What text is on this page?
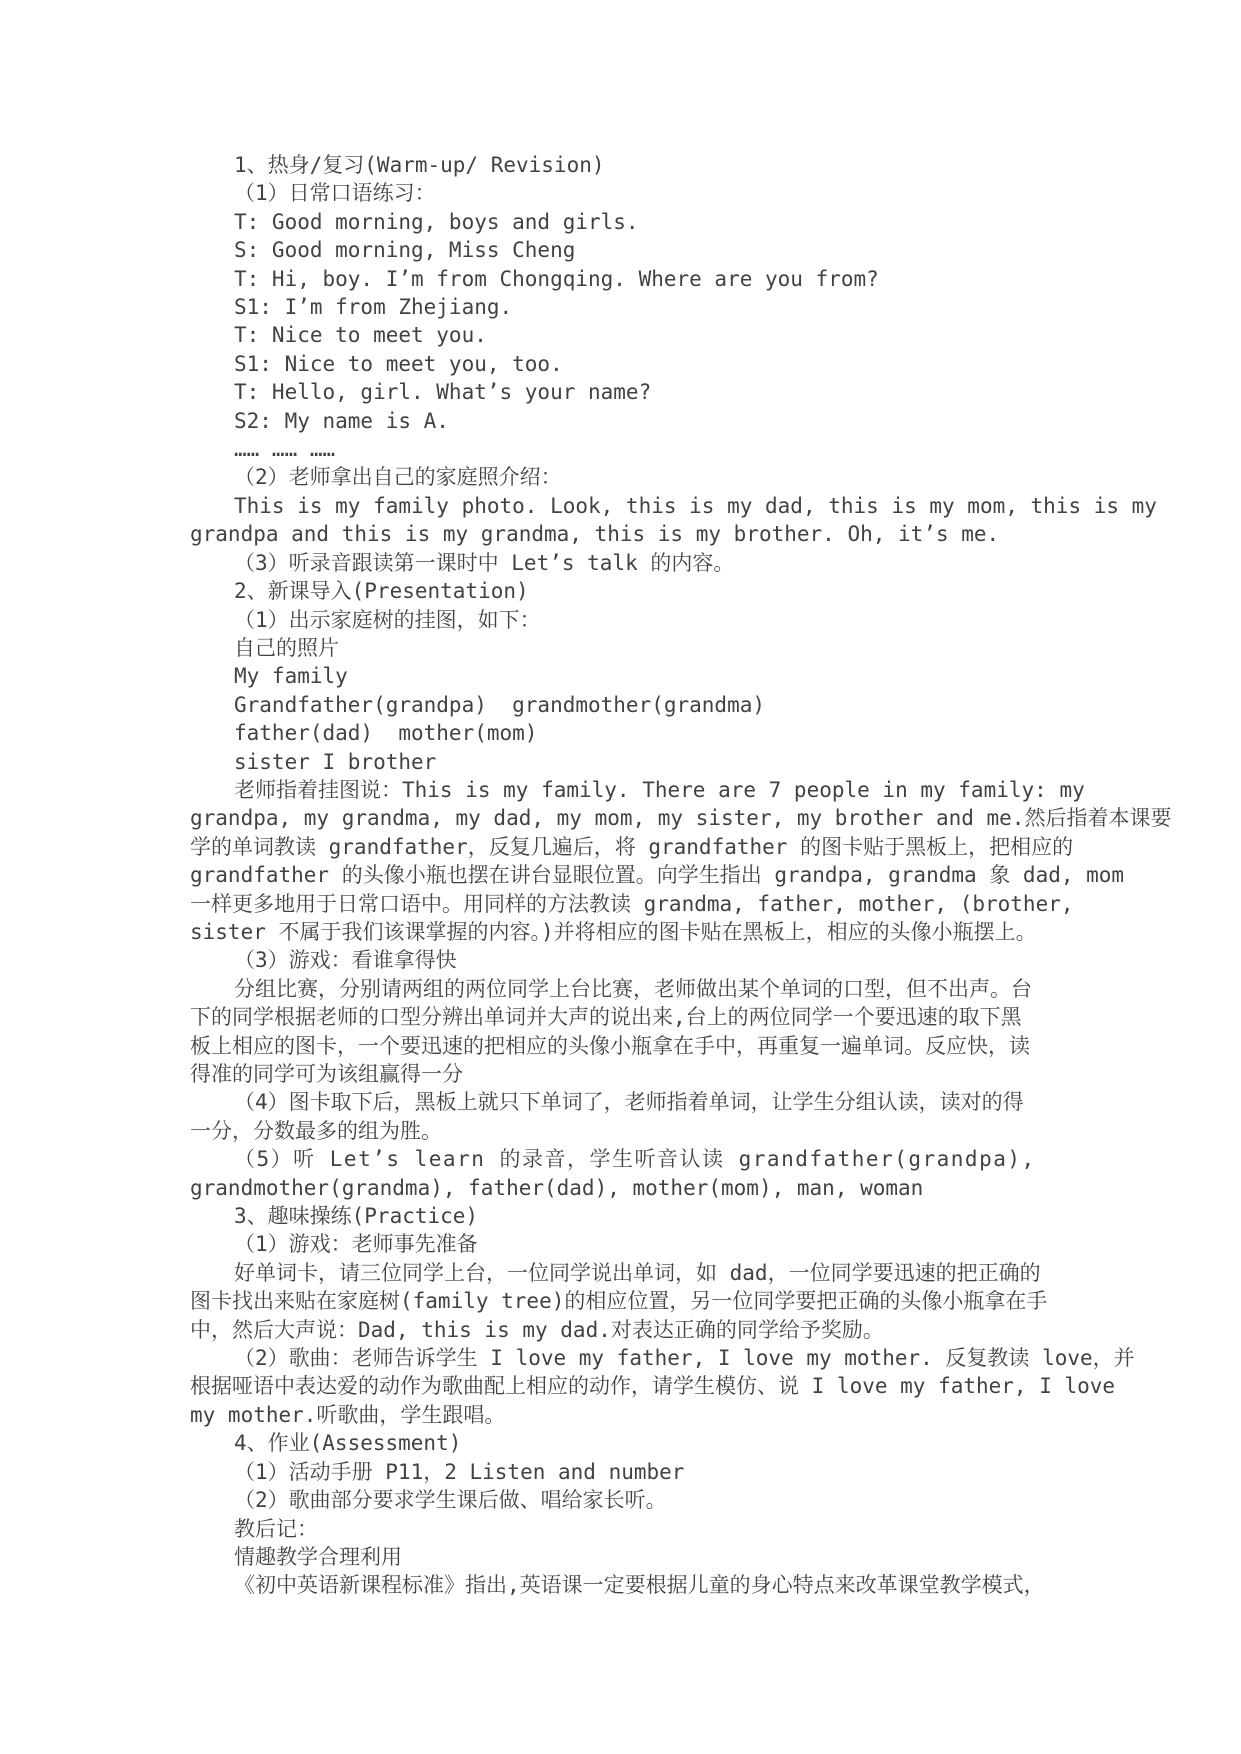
1、热身/复习(Warm-up/ Revision)

（1）日常口语练习：

T: Good morning, boys and girls.

S: Good morning, Miss Cheng

T: Hi, boy. I’m from Chongqing. Where are you from?

S1: I’m from Zhejiang.

T: Nice to meet you.

S1: Nice to meet you, too.

T: Hello, girl. What’s your name?

S2: My name is A.

…… …… ……

（2）老师拿出自己的家庭照介绍：

This is my family photo. Look, this is my dad, this is my mom, this is my

grandpa and this is my grandma, this is my brother. Oh, it’s me.

（3）听录音跟读第一课时中 Let’s talk 的内容。

2、新课导入(Presentation)

（1）出示家庭树的挂图，如下：

自己的照片

My family

Grandfather(grandpa)  grandmother(grandma)

father(dad)  mother(mom)

sister I brother

老师指着挂图说：This is my family. There are 7 people in my family: my

grandpa, my grandma, my dad, my mom, my sister, my brother and me.然后指着本课要

学的单词教读 grandfather，反复几遍后，将 grandfather 的图卡贴于黑板上，把相应的

grandfather 的头像小瓶也摆在讲台显眼位置。向学生指出 grandpa, grandma 象 dad, mom

一样更多地用于日常口语中。用同样的方法教读 grandma, father, mother, (brother,

sister 不属于我们该课掌握的内容。)并将相应的图卡贴在黑板上，相应的头像小瓶摆上。

（3）游戏：看谁拿得快

分组比赛，分别请两组的两位同学上台比赛，老师做出某个单词的口型，但不出声。台

下的同学根据老师的口型分辨出单词并大声的说出来,台上的两位同学一个要迅速的取下黑

板上相应的图卡，一个要迅速的把相应的头像小瓶拿在手中，再重复一遍单词。反应快，读

得准的同学可为该组赢得一分

（4）图卡取下后，黑板上就只下单词了，老师指着单词，让学生分组认读，读对的得

一分，分数最多的组为胜。

（5）听 Let’s learn 的录音，学生听音认读 grandfather(grandpa),

grandmother(grandma), father(dad), mother(mom), man, woman

3、趣味操练(Practice)

（1）游戏：老师事先准备

好单词卡，请三位同学上台，一位同学说出单词，如 dad，一位同学要迅速的把正确的

图卡找出来贴在家庭树(family tree)的相应位置，另一位同学要把正确的头像小瓶拿在手

中，然后大声说：Dad, this is my dad.对表达正确的同学给予奖励。

（2）歌曲：老师告诉学生 I love my father, I love my mother. 反复教读 love，并

根据哑语中表达爱的动作为歌曲配上相应的动作，请学生模仿、说 I love my father, I love

my mother.听歌曲，学生跟唱。

4、作业(Assessment)

（1）活动手册 P11，2 Listen and number

（2）歌曲部分要求学生课后做、唱给家长听。

教后记：

情趣教学合理利用

《初中英语新课程标准》指出,英语课一定要根据儿童的身心特点来改革课堂教学模式，
